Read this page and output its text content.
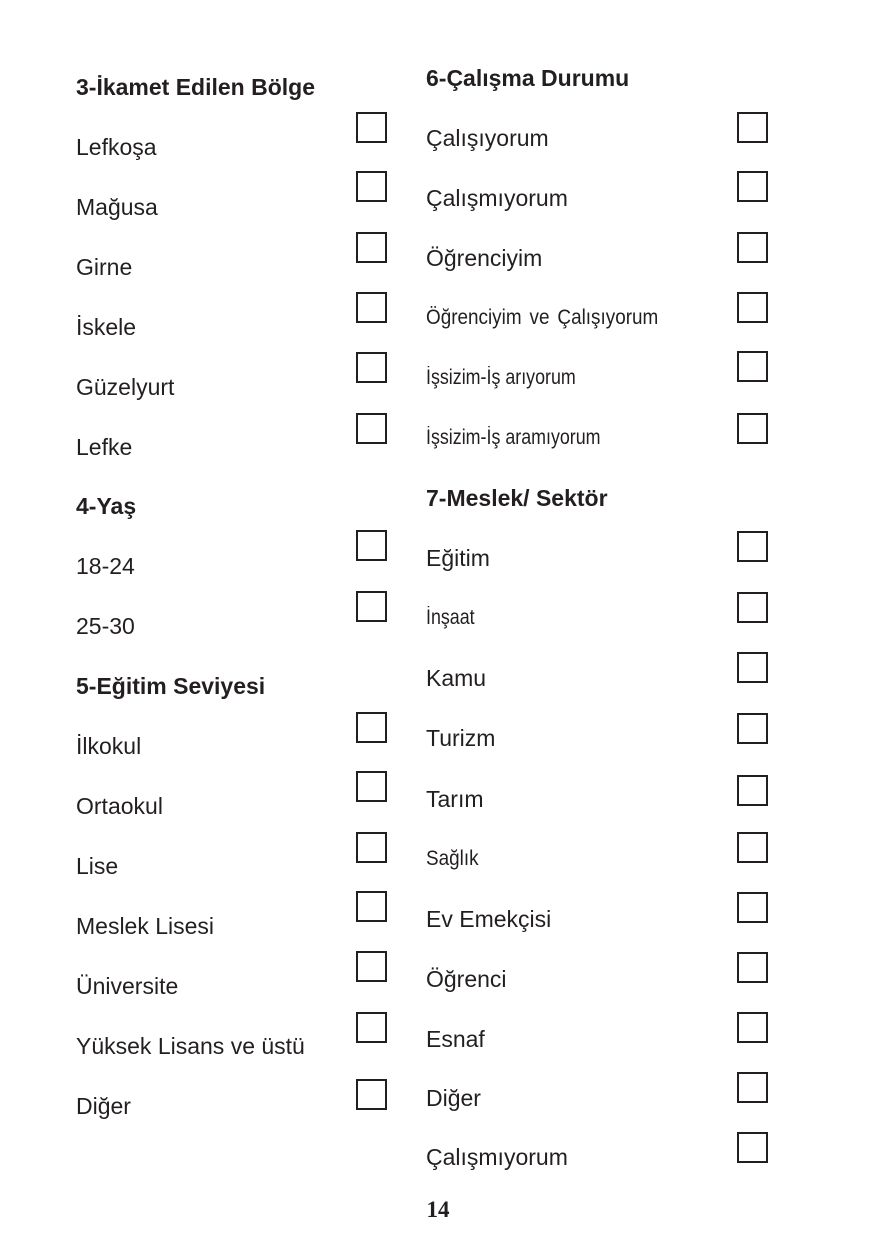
3-İkamet Edilen Bölge
Lefkoşa
Mağusa
Girne
İskele
Güzelyurt
Lefke
4-Yaş
18-24
25-30
5-Eğitim Seviyesi
İlkokul
Ortaokul
Lise
Meslek Lisesi
Üniversite
Yüksek Lisans ve üstü
Diğer
6-Çalışma Durumu
Çalışıyorum
Çalışmıyorum
Öğrenciyim
Öğrenciyim ve Çalışıyorum
İşsizim-İş arıyorum
İşsizim-İş aramıyorum
7-Meslek/ Sektör
Eğitim
İnşaat
Kamu
Turizm
Tarım
Sağlık
Ev Emekçisi
Öğrenci
Esnaf
Diğer
Çalışmıyorum
14
